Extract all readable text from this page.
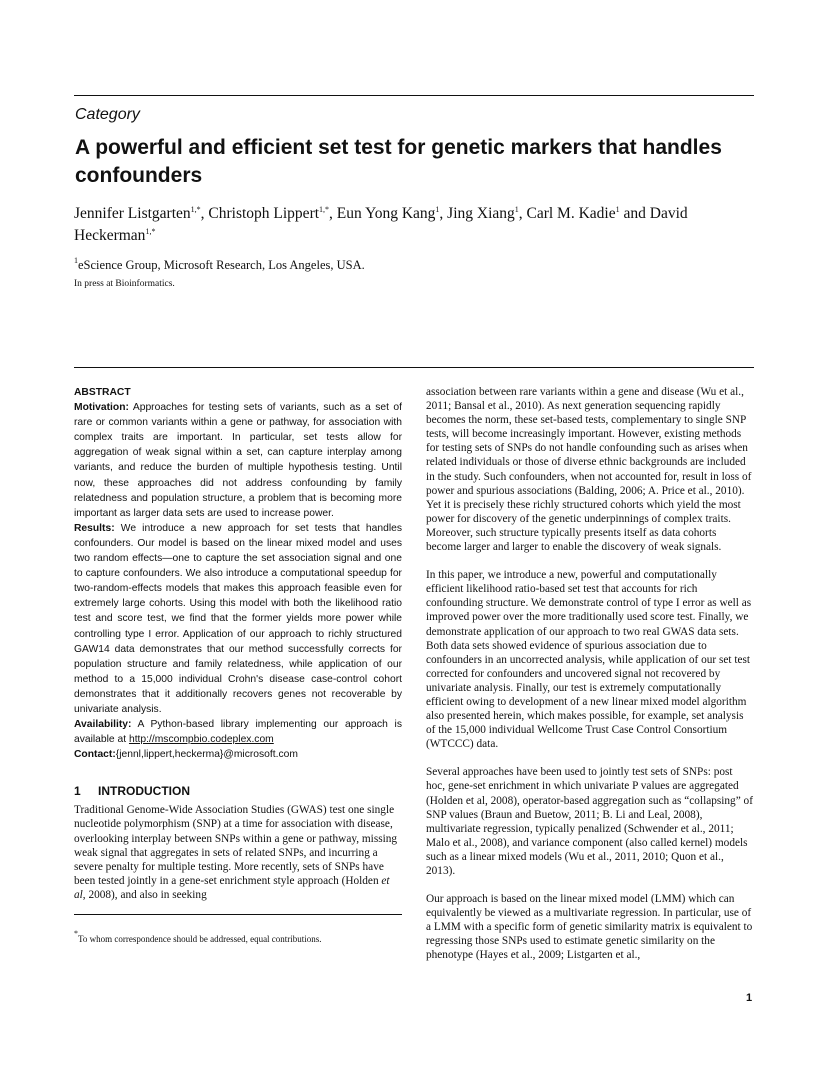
Category
A powerful and efficient set test for genetic markers that handles confounders
Jennifer Listgarten$^{1,*}$, Christoph Lippert$^{1,*}$, Eun Yong Kang$^1$, Jing Xiang$^1$, Carl M. Kadie$^1$ and David Heckerman$^{1,*}$
$^1$eScience Group, Microsoft Research, Los Angeles, USA.
In press at Bioinformatics.

ABSTRACT

Motivation: Approaches for testing sets of variants, such as a set of rare or common variants within a gene or pathway, for association with complex traits are important. In particular, set tests allow for aggregation of weak signal within a set, can capture interplay among variants, and reduce the burden of multiple hypothesis testing. Until now, these approaches did not address confounding by family relatedness and population structure, a problem that is becoming more important as larger data sets are used to increase power.

Results: We introduce a new approach for set tests that handles confounders. Our model is based on the linear mixed model and uses two random effects—one to capture the set association signal and one to capture confounders. We also introduce a computational speedup for two-random-effects models that makes this approach feasible even for extremely large cohorts. Using this model with both the likelihood ratio test and score test, we find that the former yields more power while controlling type I error. Application of our approach to richly structured GAW14 data demonstrates that our method successfully corrects for population structure and family relatedness, while application of our method to a 15,000 individual Crohn's disease case-control cohort demonstrates that it additionally recovers genes not recoverable by univariate analysis.

Availability: A Python-based library implementing our approach is available at http://mscompbio.codeplex.com

Contact:{jennl,lippert,heckerma}@microsoft.com

1 INTRODUCTION

Traditional Genome-Wide Association Studies (GWAS) test one single nucleotide polymorphism (SNP) at a time for association with disease, overlooking interplay between SNPs within a gene or pathway, missing weak signal that aggregates in sets of related SNPs, and incurring a severe penalty for multiple testing. More recently, sets of SNPs have been tested jointly in a gene-set enrichment style approach (Holden et al, 2008), and also in seeking

*To whom correspondence should be addressed, equal contributions.

association between rare variants within a gene and disease (Wu et al., 2011; Bansal et al., 2010). As next generation sequencing rapidly becomes the norm, these set-based tests, complementary to single SNP tests, will become increasingly important. However, existing methods for testing sets of SNPs do not handle confounding such as arises when related individuals or those of diverse ethnic backgrounds are included in the study. Such confounders, when not accounted for, result in loss of power and spurious associations (Balding, 2006; A. Price et al., 2010). Yet it is precisely these richly structured cohorts which yield the most power for discovery of the genetic underpinnings of complex traits. Moreover, such structure typically presents itself as data cohorts become larger and larger to enable the discovery of weak signals.

In this paper, we introduce a new, powerful and computationally efficient likelihood ratio-based set test that accounts for rich confounding structure. We demonstrate control of type I error as well as improved power over the more traditionally used score test. Finally, we demonstrate application of our approach to two real GWAS data sets. Both data sets showed evidence of spurious association due to confounders in an uncorrected analysis, while application of our set test corrected for confounders and uncovered signal not recovered by univariate analysis. Finally, our test is extremely computationally efficient owing to development of a new linear mixed model algorithm also presented herein, which makes possible, for example, set analysis of the 15,000 individual Wellcome Trust Case Control Consortium (WTCCC) data.

Several approaches have been used to jointly test sets of SNPs: post hoc, gene-set enrichment in which univariate P values are aggregated (Holden et al, 2008), operator-based aggregation such as “collapsing” of SNP values (Braun and Buetow, 2011; B. Li and Leal, 2008), multivariate regression, typically penalized (Schwender et al., 2011; Malo et al., 2008), and variance component (also called kernel) models such as a linear mixed models (Wu et al., 2011, 2010; Quon et al., 2013).

Our approach is based on the linear mixed model (LMM) which can equivalently be viewed as a multivariate regression. In particular, use of a LMM with a specific form of genetic similarity matrix is equivalent to regressing those SNPs used to estimate genetic similarity on the phenotype (Hayes et al., 2009; Listgarten et al.,

1
